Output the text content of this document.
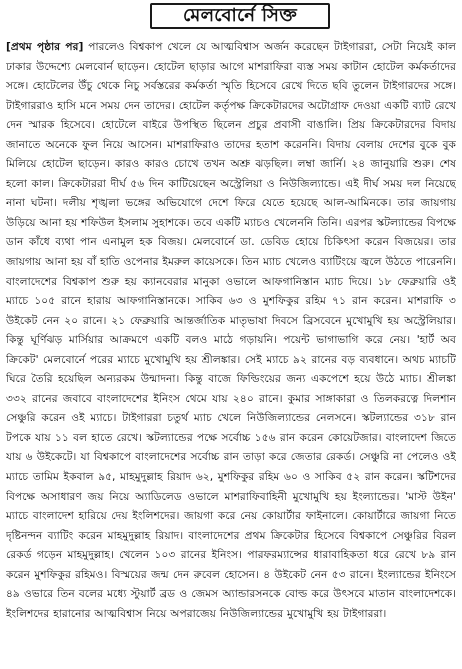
মেলবোর্নে সিক্ত
[প্রথম পৃষ্ঠার পর] পারলেও বিশ্বকাপ খেলে যে আত্মবিশ্বাস অর্জন করেছেন টাইগাররা, সেটা নিয়েই কাল ঢাকার উদ্দেশ্যে মেলবোর্ন ছাড়েন। হোটেল ছাড়ার আগে মাশরাফিরা ব্যস্ত সময় কাটান হোটেল কর্মকর্তাদের সঙ্গে। হোটেলের উঁচু থেকে নিচু সর্বস্তরের কর্মকর্তা স্মৃতি হিসেবে রেখে দিতে ছবি তুলেন টাইগারদের সঙ্গে। টাইগাররাও হাসি মনে সময় দেন তাদের। হোটেল কর্তৃপক্ষ ক্রিকেটারদের অটোগ্রাফ দেওয়া একটি ব্যাট রেখে দেন স্মারক হিসেবে। হোটেলে বাইরে উপস্থিত ছিলেন প্রচুর প্রবাসী বাঙালি। প্রিয় ক্রিকেটারদের বিদায় জানাতে অনেকে ফুল নিয়ে আসেন। মাশরাফিরাও তাদের হতাশ করেননি। বিদায় বেলায় দেশের বুকে বুক মিলিয়ে হোটেল ছাড়েন। কারও কারও চোখে তখন অশ্রু ঝড়ছিল। লম্বা জার্নি। ২৪ জানুয়ারি শুরু। শেষ হলো কাল। ক্রিকেটাররা দীর্ঘ ৫৬ দিন কাটিয়েছেন অস্ট্রেলিয়া ও নিউজিল্যান্ডে। এই দীর্ঘ সময় দল নিয়েছে নানা ঘটনা। দলীয় শৃঙ্খলা ভঙ্গের অভিযোগে দেশে ফিরে যেতে হয়েছে আল-আমিনকে। তার জায়গায় উড়িয়ে আনা হয় শফিউল ইসলাম সুহাশকে। তবে একটি ম্যাচও খেলেননি তিনি। এরপর স্কটল্যান্ডের বিপক্ষে ডান কাঁধে ব্যথা পান এনামুল হক বিজয়। মেলবোর্নে ডা. ডেবিড হোয়ে চিকিৎসা করেন বিজয়ের। তার জায়গায় আনা হয় বাঁ হাতি ওপেনার ইমরুল কায়েসকে। তিন ম্যাচ খেলেও ব্যাটিংয়ে জ্বলে উঠতে পারেননি। বাংলাদেশের বিশ্বকাপ শুরু হয় ক্যানবেরার মানুকা ওভালে আফগানিস্তান ম্যাচ দিয়ে। ১৮ ফেব্রুয়ারি ওই ম্যাচে ১০৫ রানে হারায় আফগানিস্তানকে। সাকিব ৬৩ ও মুশফিকুর রহিম ৭১ রান করেন। মাশরাফি ৩ উইকেট নেন ২০ রানে। ২১ ফেব্রুয়ারি আন্তর্জাতিক মাতৃভাষা দিবসে ব্রিসবেনে মুখোমুখি হয় অস্ট্রেলিয়ার। কিন্তু ঘূর্ণিঝড় মার্সিয়ার আক্রমণে একটি বলও মাঠে গড়ায়নি। পয়েন্ট ভাগাভাগি করে নেয়। 'হার্ট অব ক্রিকেট' মেলবোর্নে পরের ম্যাচে মুখোমুখি হয় শ্রীলঙ্কার। সেই ম্যাচে ৯২ রানের বড় ব্যবধানে। অথচ ম্যাচটি ঘিরে তৈরি হয়েছিল অন্যরকম উন্মাদনা। কিন্তু বাজে ফিল্ডিংয়ের জন্য একপেশে হয়ে উঠে ম্যাচ। শ্রীলঙ্কা ৩৩২ রানের জবাবে বাংলাদেশের ইনিংস থেমে যায় ২৪০ রানে। কুমার সাঙ্গাকারা ও তিলকরত্নে দিলশান সেঞ্চুরি করেন ওই ম্যাচে। টাইগাররা চতুর্থ ম্যাচ খেলে নিউজিল্যান্ডের নেলসনে। স্কটল্যান্ডের ৩১৮ রান টপকে যায় ১১ বল হাতে রেখে। স্কটল্যান্ডের পক্ষে সর্বোচ্চ ১৫৬ রান করেন কোয়েটজার। বাংলাদেশ জিতে যায় ৬ উইকেটে। যা বিশ্বকাপে বাংলাদেশের সর্বোচ্চ রান তাড়া করে জেতার রেকর্ড। সেঞ্চুরি না পেলেও ওই ম্যাচে তামিম ইকবাল ৯৫, মাহমুদুল্লাহ রিয়াদ ৬২, মুশফিকুর রহিম ৬০ ও সাকিব ৫২ রান করেন। স্কটিশদের বিপক্ষে অসাধারণ জয় নিয়ে অ্যাডিলেড ওভালে মাশরাফিবাহিনী মুখোমুখি হয় ইংল্যান্ডের। 'মাস্ট উইন' ম্যাচে বাংলাদেশ হারিয়ে দেয় ইংলিশদের। জায়গা করে নেয় কোয়ার্টার ফাইনালে। কোয়ার্টারে জায়গা নিতে দৃষ্টিনন্দন ব্যাটিং করেন মাহমুদুল্লাহ রিয়াদ। বাংলাদেশের প্রথম ক্রিকেটার হিসেবে বিশ্বকাপে সেঞ্চুরির বিরল রেকর্ড গড়েন মাহমুদুল্লাহ। খেলেন ১০৩ রানের ইনিংস। পারফরম্যান্সের ধারাবাহিকতা ধরে রেখে ৮৯ রান করেন মুশফিকুর রহিমও। বিস্ময়ের জন্ম দেন রুবেল হোসেন। ৪ উইকেট নেন ৫৩ রানে। ইংল্যান্ডের ইনিংসে ৪৯ ওভারে তিন বলের মধ্যে স্টুয়ার্ট ব্রড ও জেমস অ্যান্ডারসনকে বোল্ড করে উৎসবে মাতান বাংলাদেশকে। ইংলিশদের হারানোর আত্মবিশ্বাস নিয়ে অপরাজেয় নিউজিল্যান্ডের মুখোমুখি হয় টাইগাররা।
